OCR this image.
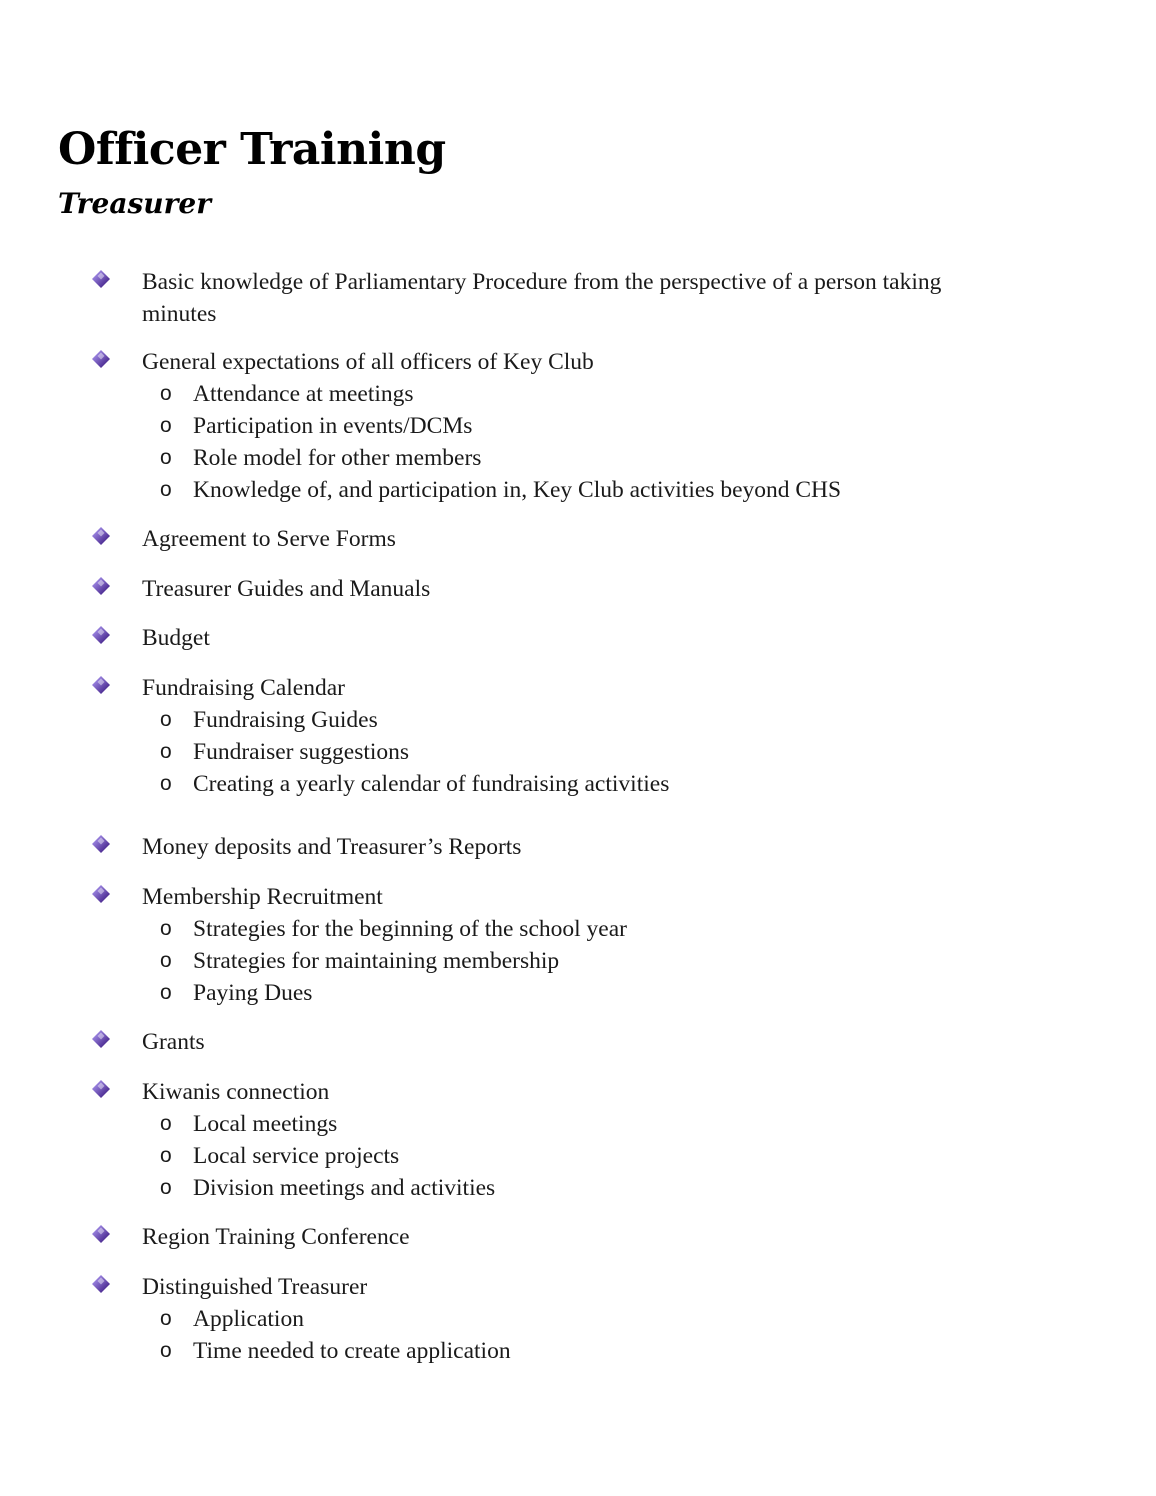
Officer Training
Treasurer
Basic knowledge of Parliamentary Procedure from the perspective of a person taking
minutes
General expectations of all officers of Key Club
o Attendance at meetings
o Participation in events/DCMs
o Role model for other members
o Knowledge of, and participation in, Key Club activities beyond CHS
Agreement to Serve Forms
Treasurer Guides and Manuals
Budget
Fundraising Calendar
o Fundraising Guides
o Fundraiser suggestions
o Creating a yearly calendar of fundraising activities
Money deposits and Treasurer’s Reports
Membership Recruitment
o Strategies for the beginning of the school year
o Strategies for maintaining membership
o Paying Dues
Grants
Kiwanis connection
o Local meetings
o Local service projects
o Division meetings and activities
Region Training Conference
Distinguished Treasurer
o Application
o Time needed to create application
